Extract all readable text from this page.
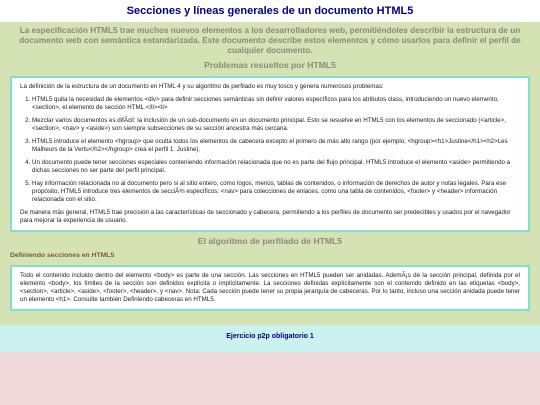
Secciones y líneas generales de un documento HTML5

La especificación HTML5 trae muchos nuevos elementos a los desarrolladores web, permitiéndoles describir la estructura de un documento web con semántica estandarizada. Este documento describe estos elementos y cómo usarlos para definir el perfil de cualquier documento.

Problemas resueltos por HTML5

La definición de la estructura de un documento en HTML 4 y su algoritmo de perfilado es muy tosco y genera numerosos problemas:

1. HTML5 quita la necesidad de elementos <div> para definir secciones semánticas sin definir valores específicos para los atributos class, introduciendo un nuevo elemento, <section>, el elemento de sección HTML.</li><li>
2. Mezclar varios documentos es difÃcil: la inclusión de un sub-documento en un documento principal. Esto se resuelve en HTML5 con los elementos de seccionado (<article>, <section>, <nav> y <aside>) son siempre subsecciones de su sección ancestra más cercana.
3. HTML5 introduce el elemento <hgroup> que oculta todos los elementos de cabecera excepto el primero de más alto rango (por ejemplo, <hgroup><h1>Justine</h1><h2>Les Malheurs de la Vertu</h2></hgroup> crea el perfil 1. Justine).
4. Un documento puede tener secciones especiales conteniendo información relacionada que no es parte del flujo principal. HTML5 introduce el elemento <aside> permitiendo a dichas secciones no ser parte del perfil principal.
5. Hay información relacionada no al documento pero si al sitio entero, como logos, menús, tablas de contenidos, o información de derechos de autor y notas legales. Para ese propósito, HTML5 introduce tres elementos de secciÃ³n específicos: <nav> para colecciones de enlaces, como una tabla de contenidos, <footer> y <header> información relacionada con el sitio.

De manera más general, HTML5 trae precisión a las características de seccionado y cabecera, permitiendo a los perfiles de documento ser predecibles y usados por el navegador para mejorar la experiencia de usuario.

El algoritmo de perfilado de HTML5
Definiendo secciones en HTML5

Todo el contenido incluido dentro del elemento <body> es parte de una sección. Las secciones en HTML5 pueden ser anidadas. AdemÃ¡s de la sección principal, definida por el elemento <body>, los límites de la sección son definidos explícita o implícitamente. La secciones definidas explícitamente son el contenido definido en las etiquetas <body>, <section>, <article>, <aside>, <footer>, <header>, y <nav>. Nota: Cada sección puede tener su propia jerarquía de cabeceras. Por lo tanto, incluso una sección anidada puede tener un elemento <h1>. Consulte también Definiendo cabeceras en HTML5.

Ejercicio p2p obligatorio 1
